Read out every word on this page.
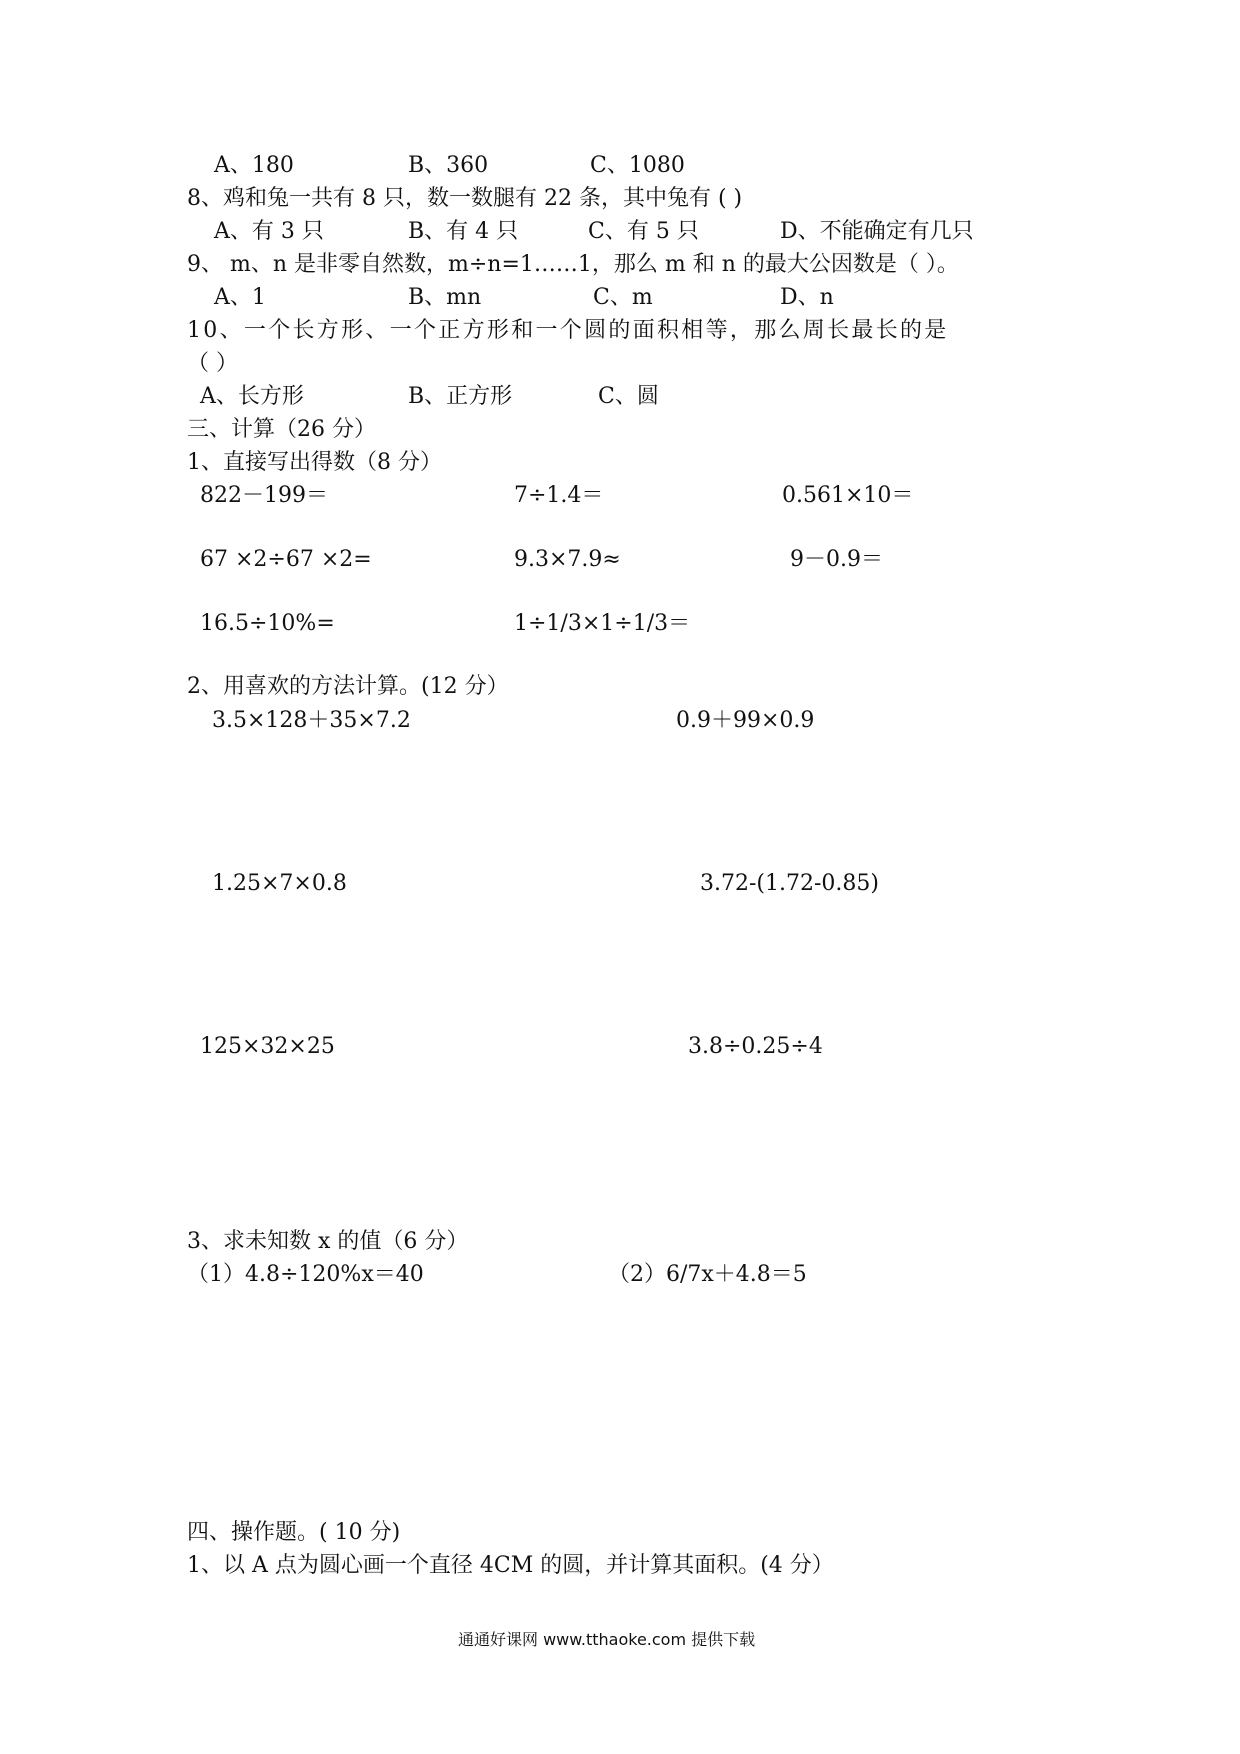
A、180	B、360	C、1080
8、鸡和兔一共有 8 只，数一数腿有 22 条，其中兔有 ( )
A、有 3 只	B、有 4 只	C、有 5 只	D、不能确定有几只
9、 m、n 是非零自然数，m÷n=1……1，那么 m 和 n 的最大公因数是（ ）。
A、1	B、mn	C、m	D、n
10、一个长方形、一个正方形和一个圆的面积相等，那么周长最长的是
（ ）
A、长方形	B、正方形	C、圆
三、计算（26 分）
1、直接写出得数（8 分）
822－199＝	7÷1.4＝	0.561×10＝
67 ×2÷67 ×2=	9.3×7.9≈	9－0.9＝
16.5÷10%=	1÷1/3×1÷1/3＝
2、用喜欢的方法计算。(12 分）
3.5×128＋35×7.2	0.9＋99×0.9
1.25×7×0.8	3.72-(1.72-0.85)
125×32×25	3.8÷0.25÷4
3、求未知数 x 的值（6 分）
（1）4.8÷120%x＝40	（2）6/7x＋4.8＝5
四、操作题。( 10 分)
1、以 A 点为圆心画一个直径 4CM 的圆，并计算其面积。(4 分）
通通好课网 www.tthaoke.com 提供下载
